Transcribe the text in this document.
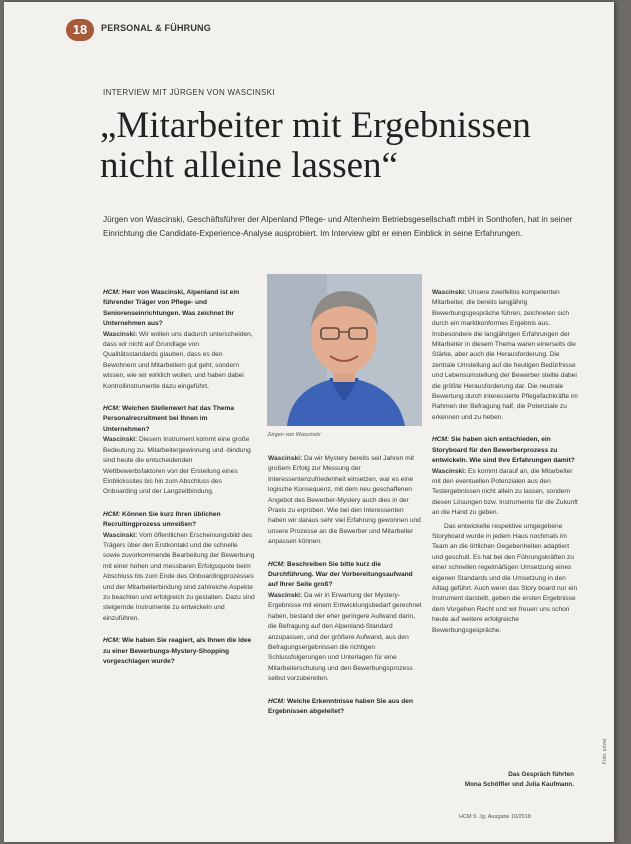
18	PERSONAL & FÜHRUNG
INTERVIEW MIT JÜRGEN VON WASCINSKI
„Mitarbeiter mit Ergebnissen nicht alleine lassen“
Jürgen von Wascinski, Geschäftsführer der Alpenland Pflege- und Altenheim Betriebsgesellschaft mbH in Sonthofen, hat in seiner Einrichtung die Candidate-Experience-Analyse ausprobiert. Im Interview gibt er einen Einblick in seine Erfahrungen.

HCM: Herr von Wascinski, Alpenland ist ein führender Träger von Pflege- und Seniorenseinrichtungen. Was zeichnet Ihr Unternehmen aus?

Wascinski: Wir wollen uns dadurch unterscheiden, dass wir nicht auf Grundlage von Qualitätsstandards glauben, dass es den Bewohnern und Mitarbeitern gut geht, sondern wissen, wie wir wirklich wollen, und haben dabei Kontrollinstrumente dazu eingeführt.

HCM: Welchen Stellenwert hat das Thema Personalrecruitment bei Ihnen im Unternehmen?

Wascinski: Diesem Instrument kommt eine große Bedeutung zu. Mitarbeitergewinnung und -bindung sind heute die entscheidenden Wettbewerbsfaktoren von der Erstellung eines Einblickssites bis hin zum Abschluss des Onboarding und der Langzeitbindung.

HCM: Können Sie kurz Ihren üblichen Recruitingprozess umreißen?

Wascinski: Vom öffentlichen Erscheinungsbild des Trägers über den Erstkontakt und die schnelle sowie zuvorkommende Bearbeitung der Bewerbung mit einer hohen und messbaren Erfolgsquote beim Abschluss bis zum Ende des Onboardingprozesses und der Mitarbeiterbindung sind zahlreiche Aspekte zu beachten und erfolgreich zu gestalten. Dazu sind steigernde Instrumente zu entwickeln und einzuführen.

HCM: Wie haben Sie reagiert, als Ihnen die Idee zu einer Bewerbungs-Mystery-Shopping vorgeschlagen wurde?

Jürgen von Wascinski

Wascinski: Da wir Mystery bereits seit Jahren mit großem Erfolg zur Messung der Interessentenzufriedenheit einsetzen, war es eine logische Konsequenz, mit dem neu geschaffenen Angebot des Bewerber-Mystery auch dies in der Praxis zu erproben. Wie bei den Interessenten haben wir daraus sehr viel Erfahrung gewonnen und unsere Prozesse an die Bewerber und Mitarbeiter anpassen können.

HCM: Beschreiben Sie bitte kurz die Durchführung. War der Vorbereitungsaufwand auf Ihrer Seite groß?

Wascinski: Da wir in Erwartung der Mystery-Ergebnisse mit einem Entwicklungsbedarf gerechnet haben, bestand der eher geringere Aufwand darin, die Befragung auf den Alpenland-Standard anzupassen, und der größere Aufwand, aus den Befragungsergebnissen die richtigen Schlussfolgerungen und Unterlagen für eine Mitarbeiterschulung und den Bewerbungsprozess selbst vorzubereiten.

HCM: Welche Erkenntnisse haben Sie aus den Ergebnissen abgeleitet?

Wascinski: Unsere zweifellos kompetenten Mitarbeiter, die bereits langjährig Bewerbungsgespräche führen, zeichneten sich durch ein marktkonformes Ergebnis aus. Insbesondere die langjährigen Erfahrungen der Mitarbeiter in diesem Thema waren einerseits die Stärke, aber auch die Herausforderung. Die zentrale Umstellung auf die heutigen Bedürfnisse und Lebensumstellung der Bewerber stellte dabei die größte Herausforderung dar. Die neutrale Bewertung durch interessierte Pflegefachkräfte im Rahmen der Befragung half, die Potenziale zu erkennen und zu heben.

HCM: Sie haben sich entschieden, ein Storyboard für den Bewerberprozess zu entwickeln. Wie sind Ihre Erfahrungen damit?

Wascinski: Es kommt darauf an, die Mitarbeiter mit den eventuellen Potenzialen aus den Testergebnissen nicht allein zu lassen, sondern diesen Lösungen bzw. Instrumente für die Zukunft an die Hand zu geben.

Das entwickelte respektive umgegebene Storyboard wurde in jedem Haus nochmals im Team an die örtlichen Gegebenheiten adaptiert und geschult. Es hat bei den Führungskräften zu einer schnellen regelmäßigen Umsetzung eines eigenen Standards und die Umsetzung in den Alltag geführt. Auch wenn das Story board nur ein Instrument darstellt, geben die ersten Ergebnisse dem Vorgehen Recht und wir freuen uns schon heute auf weitere erfolgreiche Bewerbungsgespräche.

Das Gespräch führten
Mona Schöffler und Julia Kaufmann.
Foto: privat
HCM 9. Jg. Ausgabe 10/2018
